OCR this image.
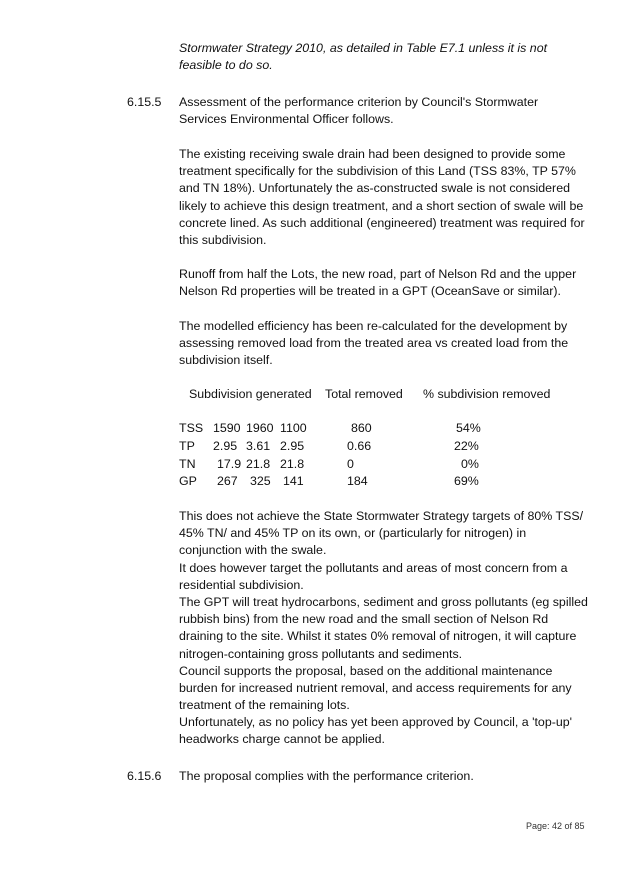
Stormwater Strategy 2010, as detailed in Table E7.1 unless it is not feasible to do so.

6.15.5 Assessment of the performance criterion by Council's Stormwater Services Environmental Officer follows.

The existing receiving swale drain had been designed to provide some treatment specifically for the subdivision of this Land (TSS 83%, TP 57% and TN 18%). Unfortunately the as-constructed swale is not considered likely to achieve this design treatment, and a short section of swale will be concrete lined. As such additional (engineered) treatment was required for this subdivision.

Runoff from half the Lots, the new road, part of Nelson Rd and the upper Nelson Rd properties will be treated in a GPT (OceanSave or similar).

The modelled efficiency has been re-calculated for the development by assessing removed load from the treated area vs created load from the subdivision itself.

Subdivision generated Total removed % subdivision removed
TSS 1590 1960 1100	860	54%
TP 2.95 3.61 2.95	0.66	22%
TN 17.9 21.8 21.8	0	0%
GP 267 325 141	184	69%

This does not achieve the State Stormwater Strategy targets of 80% TSS/ 45% TN/ and 45% TP on its own, or (particularly for nitrogen) in conjunction with the swale.

It does however target the pollutants and areas of most concern from a residential subdivision.

The GPT will treat hydrocarbons, sediment and gross pollutants (eg spilled rubbish bins) from the new road and the small section of Nelson Rd draining to the site. Whilst it states 0% removal of nitrogen, it will capture nitrogen-containing gross pollutants and sediments.

Council supports the proposal, based on the additional maintenance burden for increased nutrient removal, and access requirements for any treatment of the remaining lots.

Unfortunately, as no policy has yet been approved by Council, a 'top-up' headworks charge cannot be applied.

6.15.6 The proposal complies with the performance criterion.

Page: 42 of 85
